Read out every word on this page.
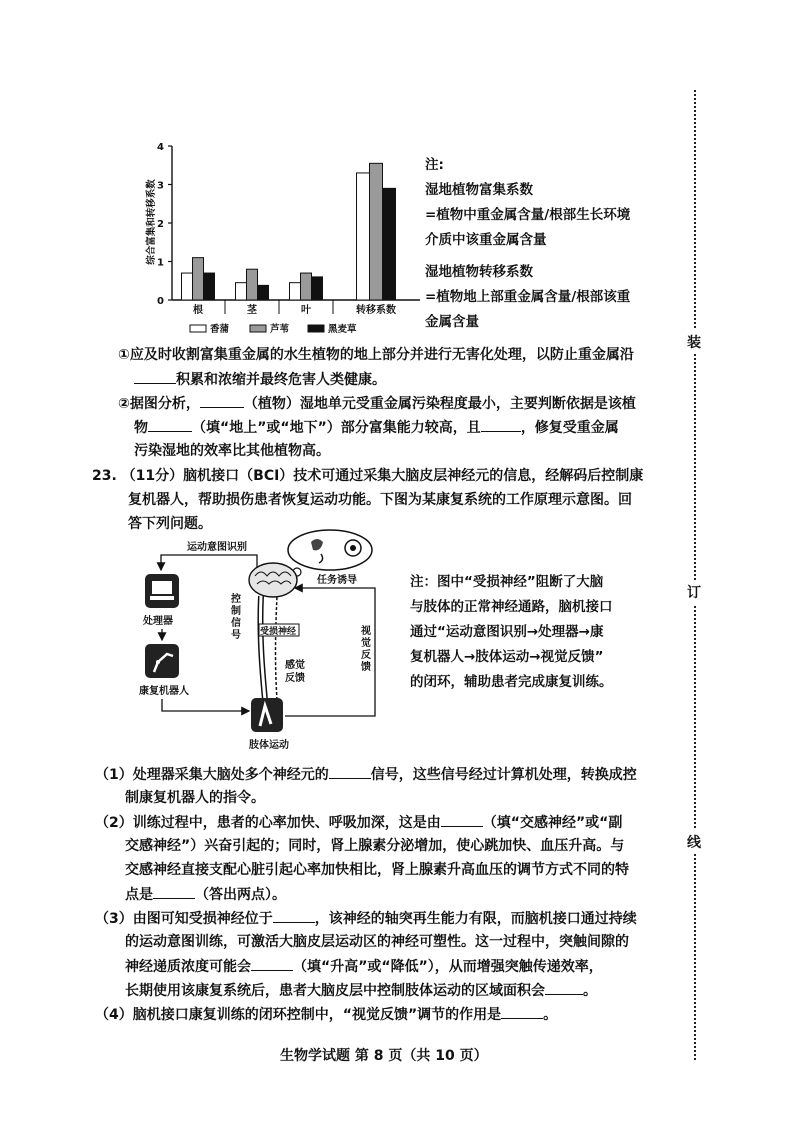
综合富集和转移系数
0
1
2
3
4
根	茎	叶	转移系数
香蒲	芦苇	黑麦草
注:
湿地植物富集系数
=植物中重金属含量/根部生长环境
介质中该重金属含量
湿地植物转移系数
=植物地上部重金属含量/根部该重
金属含量
①应及时收割富集重金属的水生植物的地上部分并进行无害化处理，以防止重金属沿
积累和浓缩并最终危害人类健康。
②据图分析，	（植物）湿地单元受重金属污染程度最小，主要判断依据是该植
物	（填“地上”或“地下”）部分富集能力较高，且	，修复受重金属
污染湿地的效率比其他植物高。
23. （11分）脑机接口（BCI）技术可通过采集大脑皮层神经元的信息，经解码后控制康
复机器人，帮助损伤患者恢复运动功能。下图为某康复系统的工作原理示意图。回
答下列问题。
运动意图识别
处理器
康复机器人
控
制
信
号 受损神经
感觉
反馈
肢体运动
任务诱导
视
觉
反
馈
注：图中“受损神经”阻断了大脑
与肢体的正常神经通路，脑机接口
通过“运动意图识别→处理器→康
复机器人→肢体运动→视觉反馈”
的闭环，辅助患者完成康复训练。
（1）处理器采集大脑处多个神经元的	信号，这些信号经过计算机处理，转换成控
制康复机器人的指令。
（2）训练过程中，患者的心率加快、呼吸加深，这是由	（填“交感神经”或“副
交感神经”）兴奋引起的；同时，肾上腺素分泌增加，使心跳加快、血压升高。与
交感神经直接支配心脏引起心率加快相比，肾上腺素升高血压的调节方式不同的特
点是	（答出两点）。
（3）由图可知受损神经位于	，该神经的轴突再生能力有限，而脑机接口通过持续
的运动意图训练，可激活大脑皮层运动区的神经可塑性。这一过程中，突触间隙的
神经递质浓度可能会	（填“升高”或“降低”），从而增强突触传递效率，
长期使用该康复系统后，患者大脑皮层中控制肢体运动的区域面积会	。
（4）脑机接口康复训练的闭环控制中，“视觉反馈”调节的作用是	。
生物学试题 第 8 页（共 10 页）
装
订
线
